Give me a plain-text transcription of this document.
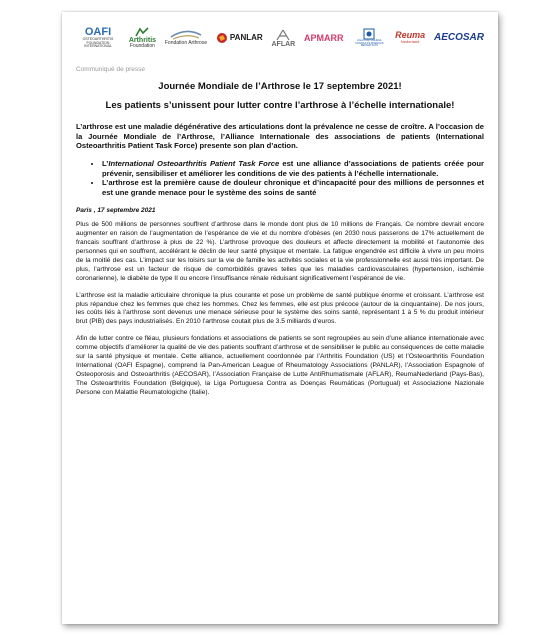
OAFI
OSTEOARTHRITIS FOUNDATION INTERNATIONAL
Arthritis
Foundation Fondation Arthrose
PANLAR
AFLAR
APMARR	LIGA PORTUGUESA CONTRA AS DOENÇAS REUMÁTICAS
Reuma
Nederland AECOSAR

Communiqué de presse

Journée Mondiale de l’Arthrose le 17 septembre 2021!
Les patients s’unissent pour lutter contre l’arthrose à l’échelle internationale!

L’arthrose est une maladie dégénérative des articulations dont la prévalence ne cesse de croître. A l’occasion de la Journée Mondiale de l’Arthrose, l’Alliance Internationale des associations de patients (International Osteoarthritis Patient Task Force) presente son plan d’action.

• L’International Osteoarthritis Patient Task Force est une alliance d’associations de patients créée pour prévenir, sensibiliser et améliorer les conditions de vie des patients à l’échelle internationale.
• L’arthrose est la première cause de douleur chronique et d’incapacité pour des millions de personnes et est une grande menace pour le système des soins de santé

Paris , 17 septembre 2021

Plus de 500 millions de personnes souffrent d’arthrose dans le monde dont plus de 10 millions de Français. Ce nombre devrait encore augmenter en raison de l’augmentation de l’espérance de vie et du nombre d’obèses (en 2030 nous passerons de 17% actuellement de francais souffrant d’arthrose à plus de 22 %). L’arthrose provoque des douleurs et affecte directement la mobilité et l’autonomie des personnes qui en souffrent, accélérant le déclin de leur santé physique et mentale. La fatigue engendrée est difficile à vivre un peu moins de la moitié des cas. L’impact sur les loisirs sur la vie de famille les activités sociales et la vie professionnelle est aussi très important. De plus, l’arthrose est un facteur de risque de comorbidités graves telles que les maladies cardiovasculaires (hypertension, ischémie coronarienne), le diabète de type II ou encore l’insuffisance rénale réduisant significativement l’espérance de vie.

L’arthrose est la maladie articulaire chronique la plus courante et pose un problème de santé publique énorme et croissant. L’arthrose est plus répandue chez les femmes que chez les hommes. Chez les femmes, elle est plus précoce (autour de la cinquantaine). De nos jours, les coûts liés à l’arthrose sont devenus une menace sérieuse pour le système des soins santé, représentant 1 à 5 % du produit intérieur brut (PIB) des pays industrialisés. En 2010 l’arthrose coutait plus de 3.5 milliards d’euros.

Afin de lutter contre ce fléau, plusieurs fondations et associations de patients se sont regroupées au sein d’une alliance internationale avec comme objectifs d’améliorer la qualité de vie des patients souffrant d’arthrose et de sensibiliser le public au conséquences de cette maladie sur la santé physique et mentale. Cette alliance, actuellement coordonnée par l’Arthritis Foundation (US) et l’Osteoarthritis Foundation International (OAFI Espagne), comprend la Pan-American League of Rheumatology Associations (PANLAR), l’Association Espagnole of Osteoporosis and Osteoarthritis (AECOSAR), l’Association Française de Lutte AntiRhumatismale (AFLAR), ReumaNederland (Pays-Bas), The Osteoarthritis Foundation (Belgique), la Liga Portuguesa Contra as Doenças Reumáticas (Portugual) et Associazione Nazionale Persone con Malattie Reumatologiche (Italie).
